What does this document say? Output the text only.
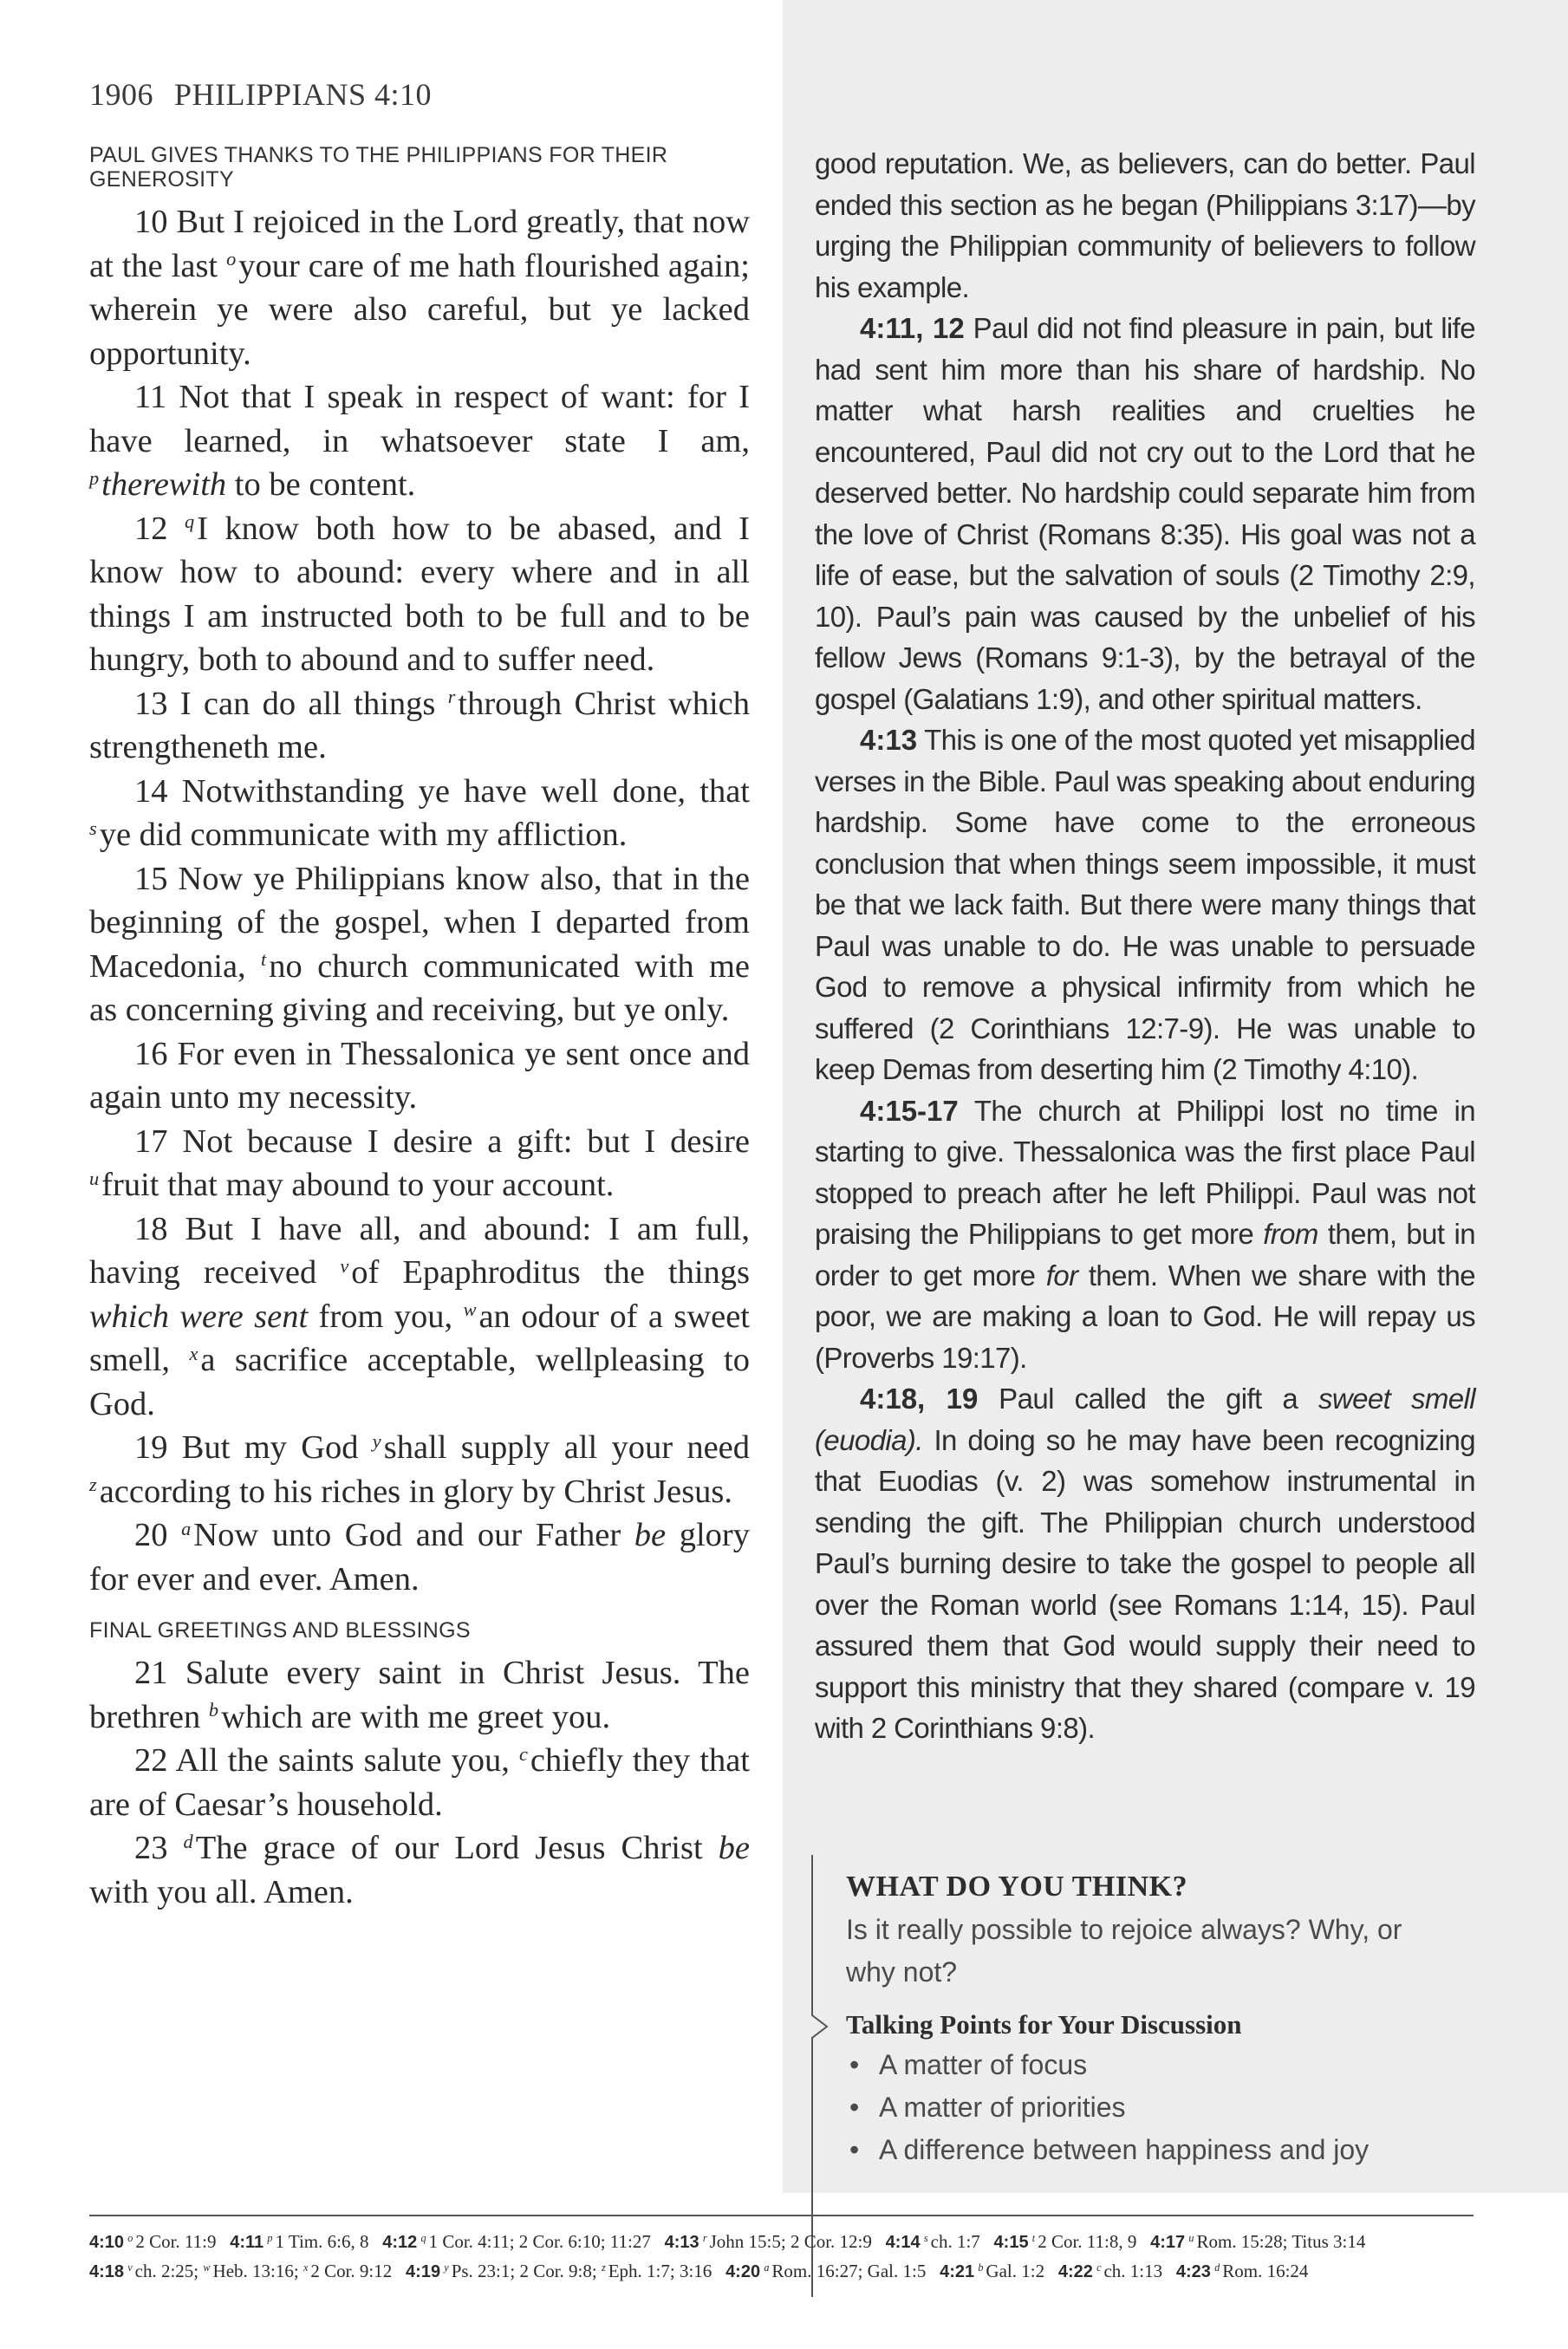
1906 PHILIPPIANS 4:10
PAUL GIVES THANKS TO THE PHILIPPIANS FOR THEIR GENEROSITY

10 But I rejoiced in the Lord greatly, that now at the last $^o$your care of me hath flourished again; wherein ye were also careful, but ye lacked opportunity.

11 Not that I speak in respect of want: for I have learned, in whatsoever state I am, $^p$therewith to be content.

12 $^q$I know both how to be abased, and I know how to abound: every where and in all things I am instructed both to be full and to be hungry, both to abound and to suffer need.

13 I can do all things $^r$through Christ which strengtheneth me.

14 Notwithstanding ye have well done, that $^s$ye did communicate with my affliction.

15 Now ye Philippians know also, that in the beginning of the gospel, when I departed from Macedonia, $^t$no church communicated with me as concerning giving and receiving, but ye only.

16 For even in Thessalonica ye sent once and again unto my necessity.

17 Not because I desire a gift: but I desire $^u$fruit that may abound to your account.

18 But I have all, and abound: I am full, having received $^v$of Epaphroditus the things which were sent from you, $^w$an odour of a sweet smell, $^x$a sacrifice acceptable, wellpleasing to God.

19 But my God $^y$shall supply all your need $^z$according to his riches in glory by Christ Jesus.

20 $^a$Now unto God and our Father be glory for ever and ever. Amen.

FINAL GREETINGS AND BLESSINGS

21 Salute every saint in Christ Jesus. The brethren $^b$which are with me greet you.

22 All the saints salute you, $^c$chiefly they that are of Caesar’s household.

23 $^d$The grace of our Lord Jesus Christ be with you all. Amen.

good reputation. We, as believers, can do better. Paul ended this section as he began (Philippians 3:17)—by urging the Philippian community of believers to follow his example.

4:11, 12 Paul did not find pleasure in pain, but life had sent him more than his share of hardship. No matter what harsh realities and cruelties he encountered, Paul did not cry out to the Lord that he deserved better. No hardship could separate him from the love of Christ (Romans 8:35). His goal was not a life of ease, but the salvation of souls (2 Timothy 2:9, 10). Paul’s pain was caused by the unbelief of his fellow Jews (Romans 9:1-3), by the betrayal of the gospel (Galatians 1:9), and other spiritual matters.

4:13 This is one of the most quoted yet misapplied verses in the Bible. Paul was speaking about enduring hardship. Some have come to the erroneous conclusion that when things seem impossible, it must be that we lack faith. But there were many things that Paul was unable to do. He was unable to persuade God to remove a physical infirmity from which he suffered (2 Corinthians 12:7-9). He was unable to keep Demas from deserting him (2 Timothy 4:10).

4:15-17 The church at Philippi lost no time in starting to give. Thessalonica was the first place Paul stopped to preach after he left Philippi. Paul was not praising the Philippians to get more from them, but in order to get more for them. When we share with the poor, we are making a loan to God. He will repay us (Proverbs 19:17).

4:18, 19 Paul called the gift a sweet smell (euodia). In doing so he may have been recognizing that Euodias (v. 2) was somehow instrumental in sending the gift. The Philippian church understood Paul’s burning desire to take the gospel to people all over the Roman world (see Romans 1:14, 15). Paul assured them that God would supply their need to support this ministry that they shared (compare v. 19 with 2 Corinthians 9:8).

WHAT DO YOU THINK?
Is it really possible to rejoice always? Why, or why not?
Talking Points for Your Discussion
• A matter of focus
• A matter of priorities
• A difference between happiness and joy

4:10  $^o$ 2 Cor. 11:9 4:11  $^p$ 1 Tim. 6:6, 8 4:12  $^q$ 1 Cor. 4:11; 2 Cor. 6:10; 11:27 4:13  $^r$ John 15:5; 2 Cor. 12:9 4:14  $^s$ ch. 1:7 4:15  $^t$ 2 Cor. 11:8, 9 4:17  $^u$ Rom. 15:28; Titus 3:14

4:18  $^v$ ch. 2:25; $^w$ Heb. 13:16; $^x$ 2 Cor. 9:12 4:19  $^y$ Ps. 23:1; 2 Cor. 9:8; $^z$ Eph. 1:7; 3:16 4:20  $^a$ Rom. 16:27; Gal. 1:5 4:21  $^b$ Gal. 1:2 4:22  $^c$ ch. 1:13 4:23  $^d$ Rom. 16:24
